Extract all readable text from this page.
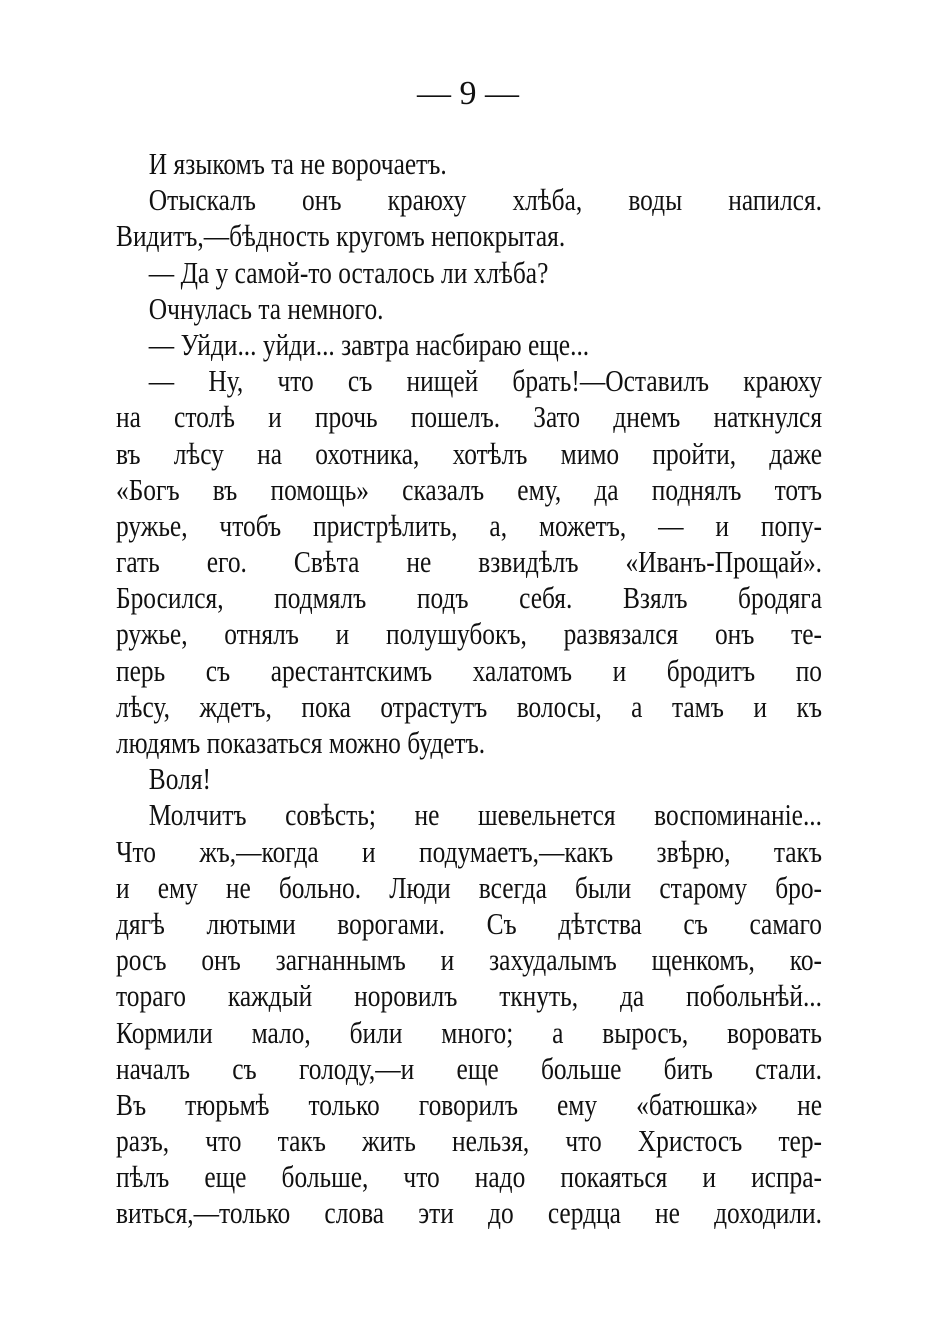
— 9 —
И языкомъ та не ворочаетъ.
Отыскалъ онъ краюху хлѣба, воды напился.
Видитъ,—бѣдность кругомъ непокрытая.
— Да у самой-то осталось ли хлѣба?
Очнулась та немного.
— Уйди... уйди... завтра насбираю еще...
— Ну, что съ нищей брать!—Оставилъ краюху
на столѣ и прочь пошелъ. Зато днемъ наткнулся
въ лѣсу на охотника, хотѣлъ мимо пройти, даже
«Богъ въ помощь» сказалъ ему, да поднялъ тотъ
ружье, чтобъ пристрѣлить, а, можетъ, — и попу-
гать его. Свѣта не взвидѣлъ «Иванъ-Прощай».
Бросился, подмялъ подъ себя. Взялъ бродяга
ружье, отнялъ и полушубокъ, развязался онъ те-
перь съ арестантскимъ халатомъ и бродитъ по
лѣсу, ждетъ, пока отрастутъ волосы, а тамъ и къ
людямъ показаться можно будетъ.
Воля!
Молчитъ совѣсть; не шевельнется воспоминаніе...
Что жъ,—когда и подумаетъ,—какъ звѣрю, такъ
и ему не больно. Люди всегда были старому бро-
дягѣ лютыми ворогами. Съ дѣтства съ самаго
росъ онъ загнаннымъ и захудалымъ щенкомъ, ко-
тораго каждый норовилъ ткнуть, да побольнѣй...
Кормили мало, били много; а выросъ, воровать
началъ съ голоду,—и еще больше бить стали.
Въ тюрьмѣ только говорилъ ему «батюшка» не
разъ, что такъ жить нельзя, что Христосъ тер-
пѣлъ еще больше, что надо покаяться и испра-
виться,—только слова эти до сердца не доходили.
